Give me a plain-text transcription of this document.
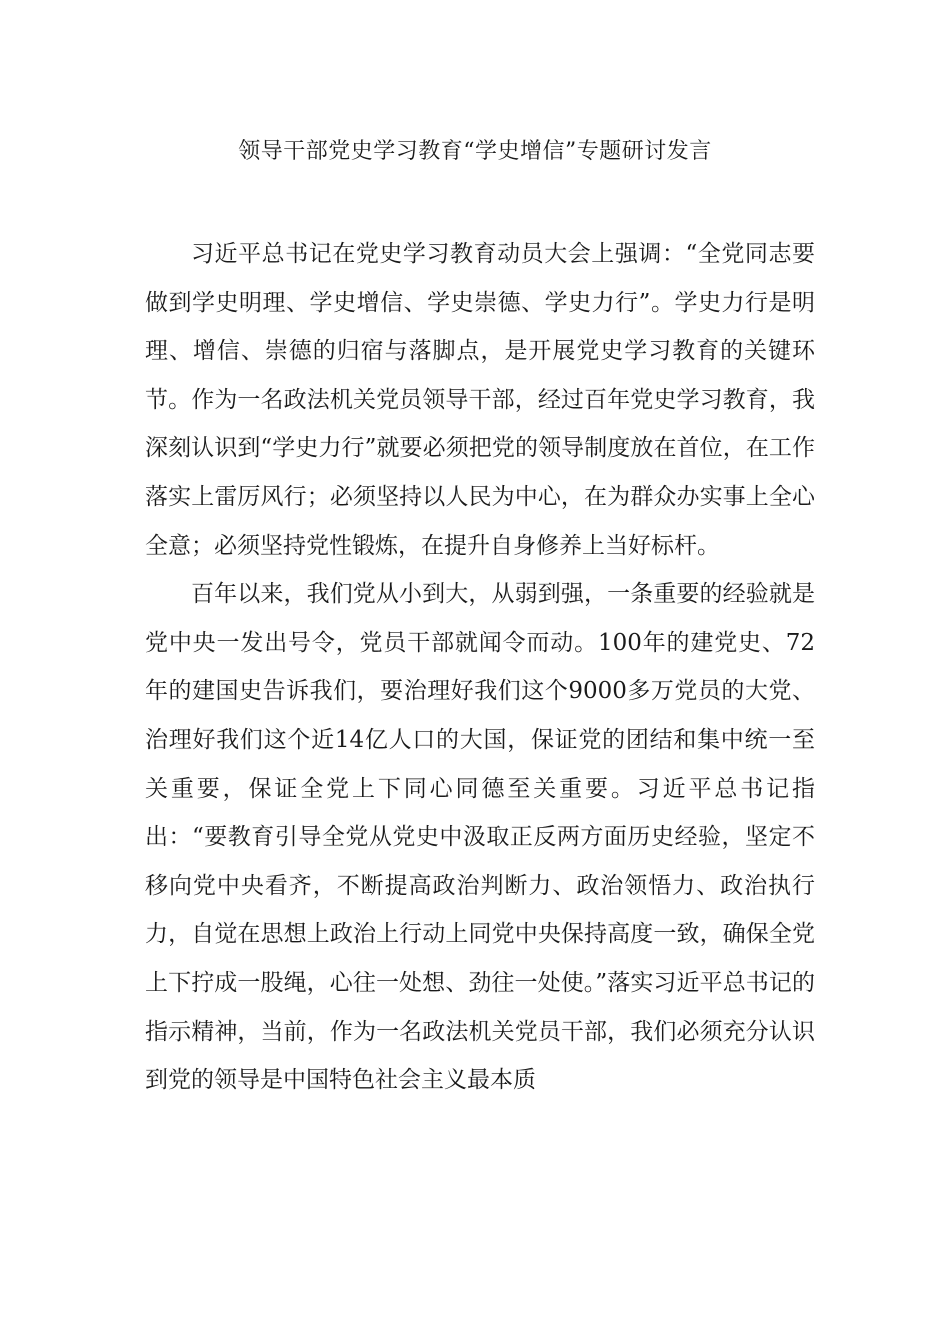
领导干部党史学习教育“学史增信”专题研讨发言

习近平总书记在党史学习教育动员大会上强调：“全党同志要做到学史明理、学史增信、学史崇德、学史力行”。学史力行是明理、增信、崇德的归宿与落脚点，是开展党史学习教育的关键环节。作为一名政法机关党员领导干部，经过百年党史学习教育，我深刻认识到“学史力行”就要必须把党的领导制度放在首位，在工作落实上雷厉风行；必须坚持以人民为中心，在为群众办实事上全心全意；必须坚持党性锻炼，在提升自身修养上当好标杆。

百年以来，我们党从小到大，从弱到强，一条重要的经验就是党中央一发出号令，党员干部就闻令而动。100年的建党史、72年的建国史告诉我们，要治理好我们这个9000多万党员的大党、治理好我们这个近14亿人口的大国，保证党的团结和集中统一至关重要，保证全党上下同心同德至关重要。习近平总书记指出：“要教育引导全党从党史中汲取正反两方面历史经验，坚定不移向党中央看齐，不断提高政治判断力、政治领悟力、政治执行力，自觉在思想上政治上行动上同党中央保持高度一致，确保全党上下拧成一股绳，心往一处想、劲往一处使。”落实习近平总书记的指示精神，当前，作为一名政法机关党员干部，我们必须充分认识到党的领导是中国特色社会主义最本质
